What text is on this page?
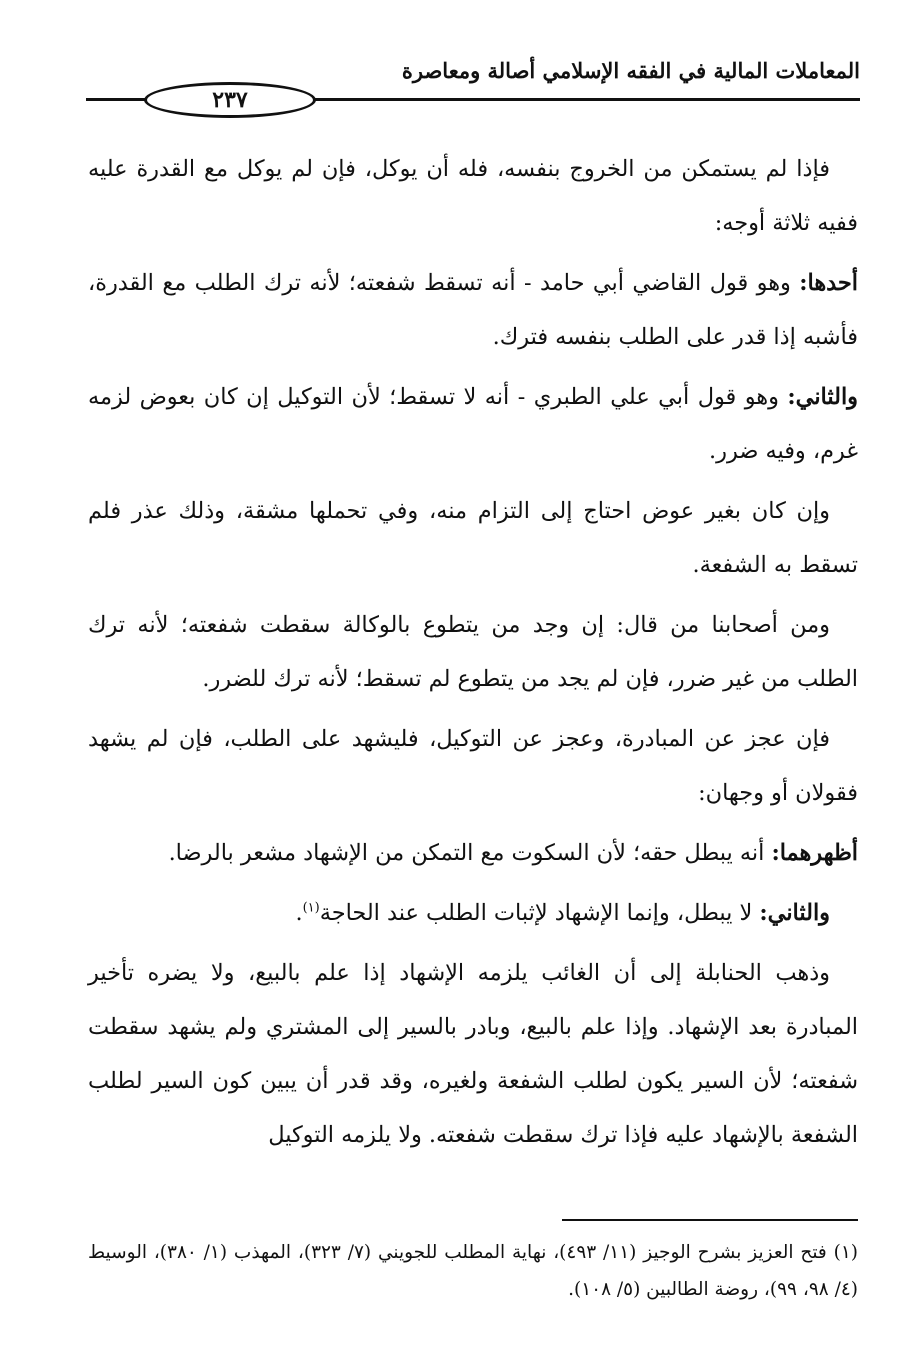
المعاملات المالية في الفقه الإسلامي أصالة ومعاصرة
٢٣٧

فإذا لم يستمكن من الخروج بنفسه، فله أن يوكل، فإن لم يوكل مع القدرة عليه ففيه ثلاثة أوجه:

أحدها: وهو قول القاضي أبي حامد - أنه تسقط شفعته؛ لأنه ترك الطلب مع القدرة، فأشبه إذا قدر على الطلب بنفسه فترك.

والثاني: وهو قول أبي علي الطبري - أنه لا تسقط؛ لأن التوكيل إن كان بعوض لزمه غرم، وفيه ضرر.

وإن كان بغير عوض احتاج إلى التزام منه، وفي تحملها مشقة، وذلك عذر فلم تسقط به الشفعة.

ومن أصحابنا من قال: إن وجد من يتطوع بالوكالة سقطت شفعته؛ لأنه ترك الطلب من غير ضرر، فإن لم يجد من يتطوع لم تسقط؛ لأنه ترك للضرر.

فإن عجز عن المبادرة، وعجز عن التوكيل، فليشهد على الطلب، فإن لم يشهد فقولان أو وجهان:

أظهرهما: أنه يبطل حقه؛ لأن السكوت مع التمكن من الإشهاد مشعر بالرضا.

والثاني: لا يبطل، وإنما الإشهاد لإثبات الطلب عند الحاجة$^{(١)}$.

وذهب الحنابلة إلى أن الغائب يلزمه الإشهاد إذا علم بالبيع، ولا يضره تأخير المبادرة بعد الإشهاد. وإذا علم بالبيع، وبادر بالسير إلى المشتري ولم يشهد سقطت شفعته؛ لأن السير يكون لطلب الشفعة ولغيره، وقد قدر أن يبين كون السير لطلب الشفعة بالإشهاد عليه فإذا ترك سقطت شفعته. ولا يلزمه التوكيل

(١) فتح العزيز بشرح الوجيز (١١/ ٤٩٣)، نهاية المطلب للجويني (٧/ ٣٢٣)، المهذب (١/ ٣٨٠)، الوسيط (٤/ ٩٨، ٩٩)، روضة الطالبين (٥/ ١٠٨).
